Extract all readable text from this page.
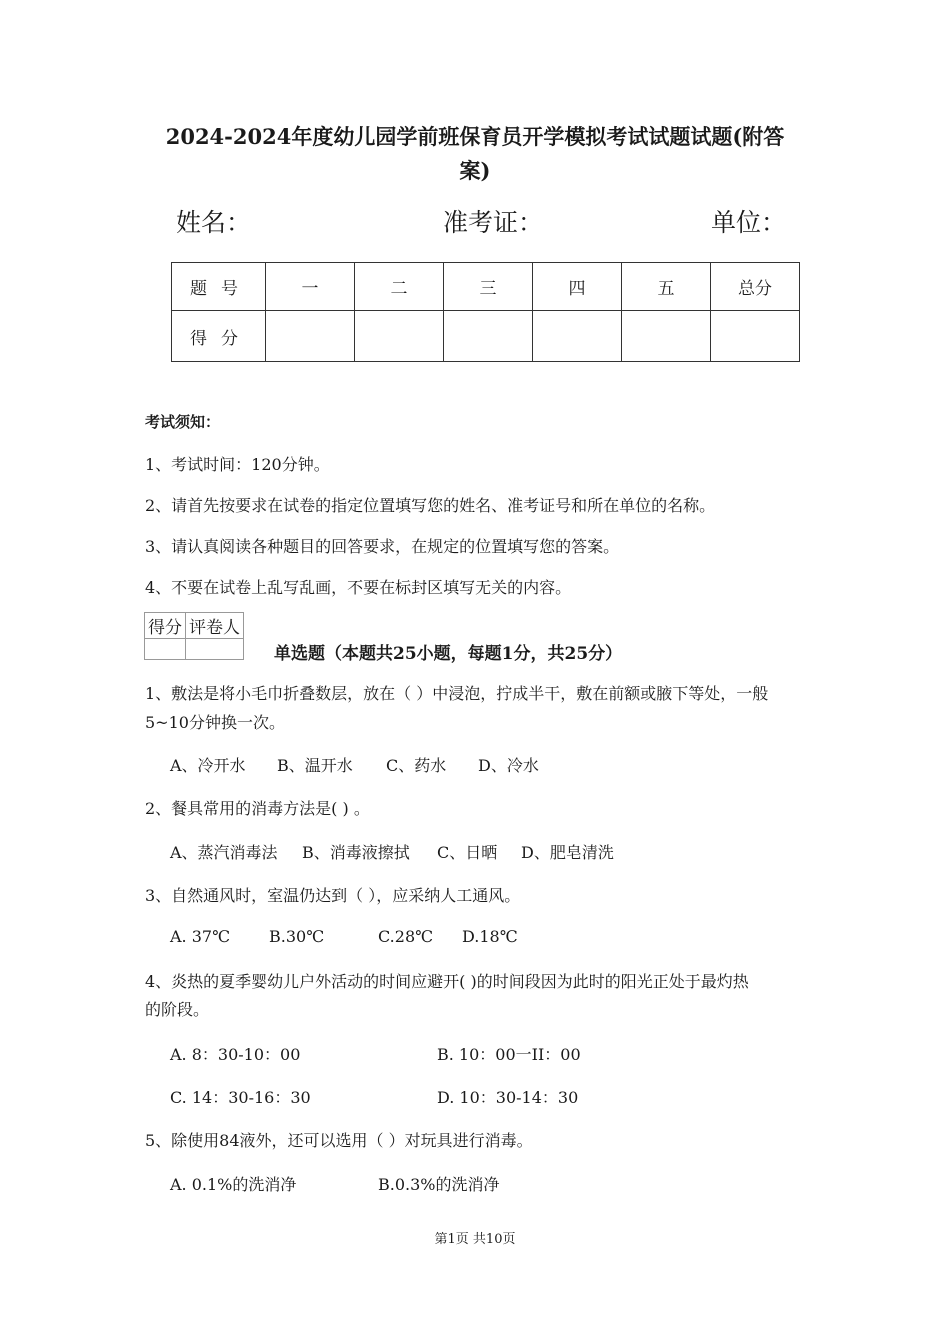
2024-2024年度幼儿园学前班保育员开学模拟考试试题试题(附答
案)
姓名：	准考证：	单位：
题号	一	二	三	四	五	总分
得分						
考试须知：
1、考试时间：120分钟。
2、请首先按要求在试卷的指定位置填写您的姓名、准考证号和所在单位的名称。
3、请认真阅读各种题目的回答要求，在规定的位置填写您的答案。
4、不要在试卷上乱写乱画，不要在标封区填写无关的内容。
得分	评卷人

单选题（本题共25小题，每题1分，共25分）
1、敷法是将小毛巾折叠数层，放在（ ）中浸泡，拧成半干，敷在前额或腋下等处，一般
5~10分钟换一次。
A、冷开水 B、温开水 C、药水 D、冷水
2、餐具常用的消毒方法是( ) 。
A、蒸汽消毒法 B、消毒液擦拭 C、日晒 D、肥皂清洗
3、自然通风时，室温仍达到（ ），应采纳人工通风。
A. 37℃ B.30℃	C.28℃ D.18℃
4、炎热的夏季婴幼儿户外活动的时间应避开( )的时间段因为此时的阳光正处于最灼热
的阶段。
A. 8：30-10：00	B. 10：00一II：00
C. 14：30-16：30	D. 10：30-14：30
5、除使用84液外，还可以选用（ ）对玩具进行消毒。
A. 0.1%的洗消净	B.0.3%的洗消净
第1页 共10页
